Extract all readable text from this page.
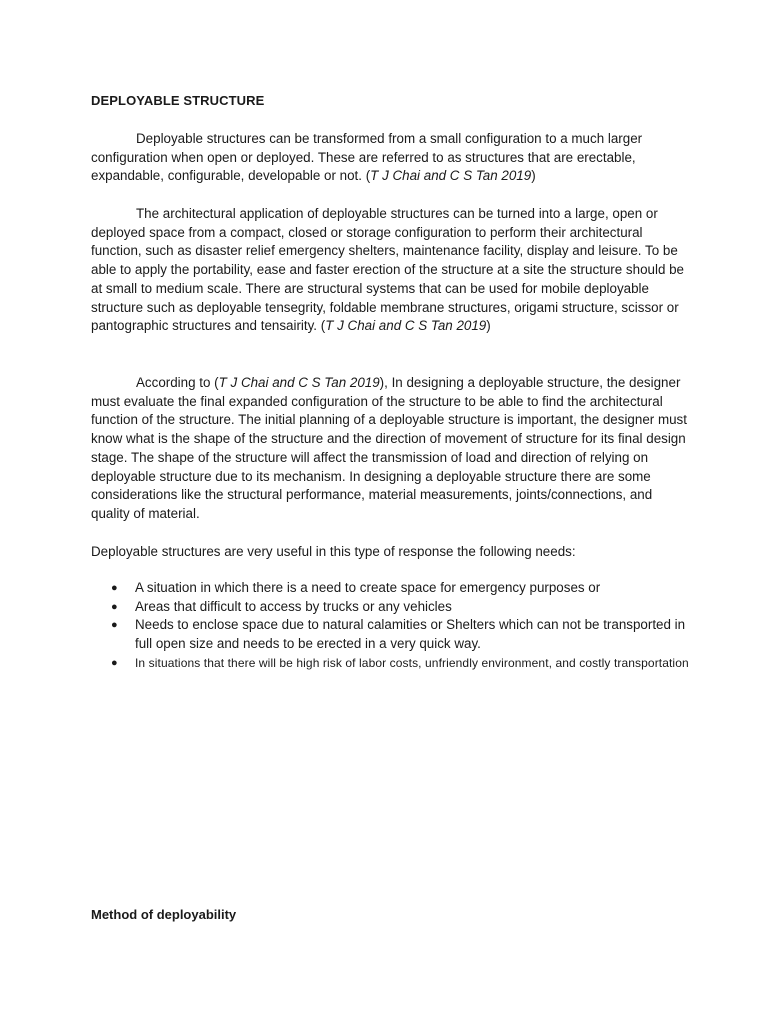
DEPLOYABLE STRUCTURE

Deployable structures can be transformed from a small configuration to a much larger configuration when open or deployed. These are referred to as structures that are erectable, expandable, configurable, developable or not. (T J Chai and C S Tan 2019)

The architectural application of deployable structures can be turned into a large, open or deployed space from a compact, closed or storage configuration to perform their architectural function, such as disaster relief emergency shelters, maintenance facility, display and leisure. To be able to apply the portability, ease and faster erection of the structure at a site the structure should be at small to medium scale. There are structural systems that can be used for mobile deployable structure such as deployable tensegrity, foldable membrane structures, origami structure, scissor or pantographic structures and tensairity. (T J Chai and C S Tan 2019)

According to (T J Chai and C S Tan 2019), In designing a deployable structure, the designer must evaluate the final expanded configuration of the structure to be able to find the architectural function of the structure. The initial planning of a deployable structure is important, the designer must know what is the shape of the structure and the direction of movement of structure for its final design stage. The shape of the structure will affect the transmission of load and direction of relying on deployable structure due to its mechanism. In designing a deployable structure there are some considerations like the structural performance, material measurements, joints/connections, and quality of material.

Deployable structures are very useful in this type of response the following needs:

● A situation in which there is a need to create space for emergency purposes or
● Areas that difficult to access by trucks or any vehicles
● Needs to enclose space due to natural calamities or Shelters which can not be transported in full open size and needs to be erected in a very quick way.
● In situations that there will be high risk of labor costs, unfriendly environment, and costly transportation
Method of deployability
